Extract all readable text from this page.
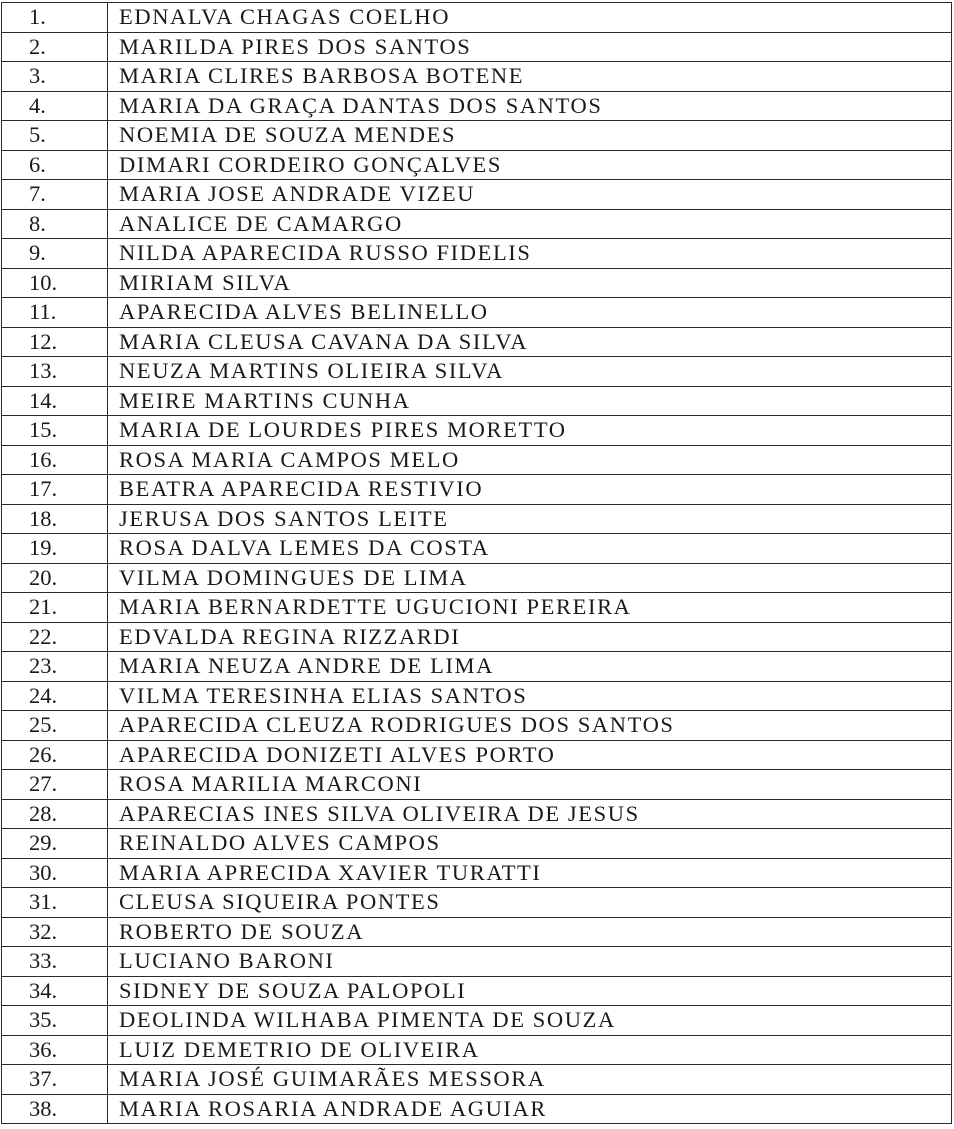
1.	EDNALVA CHAGAS COELHO
2.	MARILDA PIRES DOS SANTOS
3.	MARIA CLIRES BARBOSA BOTENE
4.	MARIA DA GRAÇA DANTAS DOS SANTOS
5.	NOEMIA DE SOUZA MENDES
6.	DIMARI CORDEIRO GONÇALVES
7.	MARIA JOSE ANDRADE VIZEU
8.	ANALICE DE CAMARGO
9.	NILDA APARECIDA RUSSO FIDELIS
10.	MIRIAM SILVA
11.	APARECIDA ALVES BELINELLO
12.	MARIA CLEUSA CAVANA DA SILVA
13.	NEUZA MARTINS OLIEIRA SILVA
14.	MEIRE MARTINS CUNHA
15.	MARIA DE LOURDES PIRES MORETTO
16.	ROSA MARIA CAMPOS MELO
17.	BEATRA APARECIDA RESTIVIO
18.	JERUSA DOS SANTOS LEITE
19.	ROSA DALVA LEMES DA COSTA
20.	VILMA DOMINGUES DE LIMA
21.	MARIA BERNARDETTE UGUCIONI PEREIRA
22.	EDVALDA REGINA RIZZARDI
23.	MARIA NEUZA ANDRE DE LIMA
24.	VILMA TERESINHA ELIAS SANTOS
25.	APARECIDA CLEUZA RODRIGUES DOS SANTOS
26.	APARECIDA DONIZETI ALVES PORTO
27.	ROSA MARILIA MARCONI
28.	APARECIAS INES SILVA OLIVEIRA DE JESUS
29.	REINALDO ALVES CAMPOS
30.	MARIA APRECIDA XAVIER TURATTI
31.	CLEUSA SIQUEIRA PONTES
32.	ROBERTO DE SOUZA
33.	LUCIANO BARONI
34.	SIDNEY DE SOUZA PALOPOLI
35.	DEOLINDA WILHABA PIMENTA DE SOUZA
36.	LUIZ DEMETRIO DE OLIVEIRA
37.	MARIA JOSÉ GUIMARÃES MESSORA
38.	MARIA ROSARIA ANDRADE AGUIAR
